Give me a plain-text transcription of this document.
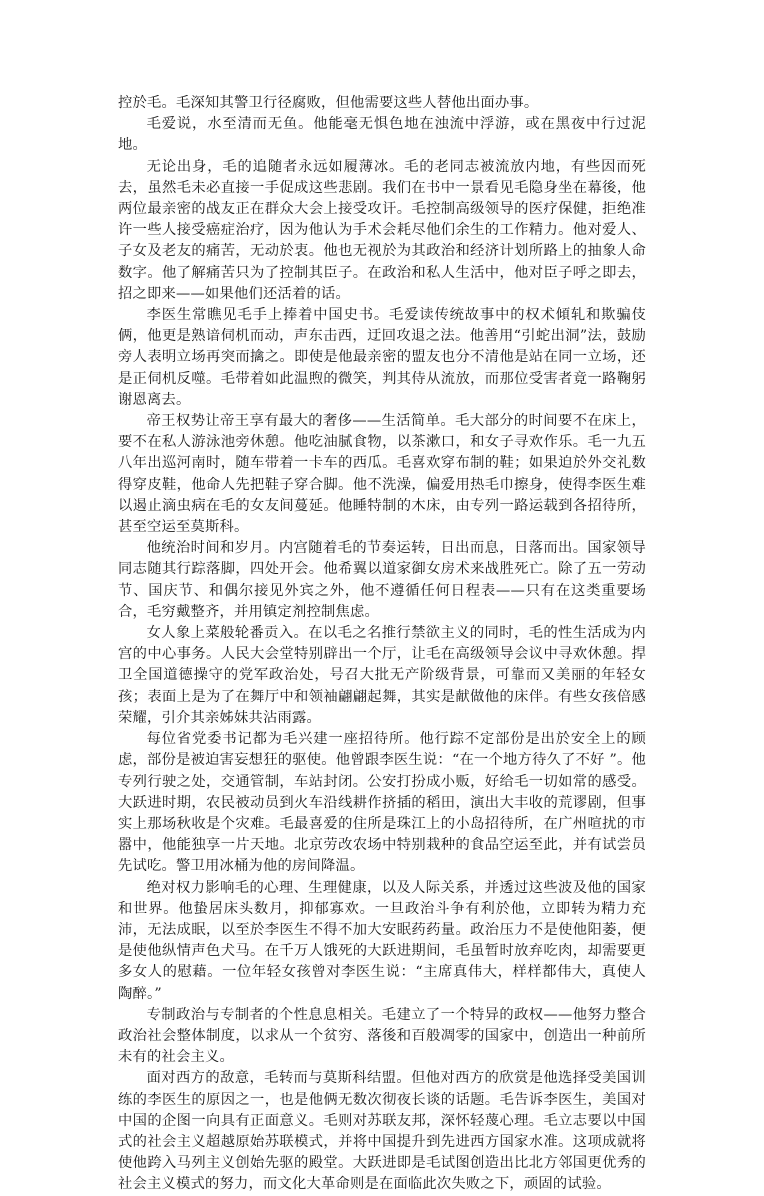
控於毛。毛深知其警卫行径腐败，但他需要这些人替他出面办事。

毛爱说，水至清而无鱼。他能毫无惧色地在浊流中浮游，或在黑夜中行过泥地。

无论出身，毛的追随者永远如履薄冰。毛的老同志被流放内地，有些因而死去，虽然毛未必直接一手促成这些悲剧。我们在书中一景看见毛隐身坐在幕後，他两位最亲密的战友正在群众大会上接受攻讦。毛控制高级领导的医疗保健，拒绝准许一些人接受癌症治疗，因为他认为手术会耗尽他们余生的工作精力。他对爱人、子女及老友的痛苦，无动於衷。他也无视於为其政治和经济计划所路上的抽象人命数字。他了解痛苦只为了控制其臣子。在政治和私人生活中，他对臣子呼之即去，招之即来——如果他们还活着的话。

李医生常瞧见毛手上捧着中国史书。毛爱读传统故事中的权术傾轧和欺骗伎俩，他更是熟谙伺机而动，声东击西，迂回攻退之法。他善用“引蛇出洞”法，鼓励旁人表明立场再突而擒之。即使是他最亲密的盟友也分不清他是站在同一立场，还是正伺机反噬。毛带着如此温煦的微笑，判其侍从流放，而那位受害者竟一路鞠躬谢恩离去。

帝王权势让帝王享有最大的奢侈——生活简单。毛大部分的时间要不在床上，要不在私人游泳池旁休憩。他吃油腻食物，以茶漱口，和女子寻欢作乐。毛一九五八年出巡河南时，随车带着一卡车的西瓜。毛喜欢穿布制的鞋；如果迫於外交礼数得穿皮鞋，他命人先把鞋子穿合脚。他不洗澡，偏爱用热毛巾擦身，使得李医生难以遏止滴虫病在毛的女友间蔓延。他睡特制的木床，由专列一路运载到各招待所，甚至空运至莫斯科。

他统治时间和岁月。内宫随着毛的节奏运转，日出而息，日落而出。国家领导同志随其行踪落脚，四处开会。他希翼以道家御女房术来战胜死亡。除了五一劳动节、国庆节、和偶尔接见外宾之外，他不遵循任何日程表——只有在这类重要场合，毛穷戴整齐，并用镇定剂控制焦虑。

女人象上菜般轮番贡入。在以毛之名推行禁欲主义的同时，毛的性生活成为内宫的中心事务。人民大会堂特别辟出一个厅，让毛在高级领导会议中寻欢休憩。捍卫全国道德操守的党军政治处，号召大批无产阶级背景，可靠而又美丽的年轻女孩；表面上是为了在舞厅中和领袖翩翩起舞，其实是献做他的床伴。有些女孩倍感荣耀，引介其亲姊妹共沾雨露。

每位省党委书记都为毛兴建一座招待所。他行踪不定部份是出於安全上的顾虑，部份是被迫害妄想狂的驱使。他曾跟李医生说：“在一个地方待久了不好 ”。他专列行驶之处，交通管制，车站封闭。公安打扮成小贩，好给毛一切如常的感受。大跃进时期，农民被动员到火车沿线耕作挤插的稻田，演出大丰收的荒谬剧，但事实上那场秋收是个灾难。毛最喜爱的住所是珠江上的小岛招待所，在广州喧扰的市嚣中，他能独享一片天地。北京劳改农场中特别栽种的食品空运至此，并有试尝员先试吃。警卫用冰桶为他的房间降温。

绝对权力影响毛的心理、生理健康，以及人际关系，并透过这些波及他的国家和世界。他蛰居床头数月，抑郁寡欢。一旦政治斗争有利於他，立即转为精力充沛，无法成眠，以至於李医生不得不加大安眠药药量。政治压力不是使他阳萎，便是使他纵情声色犬马。在千万人饿死的大跃进期间，毛虽暂时放弃吃肉，却需要更多女人的慰藉。一位年轻女孩曾对李医生说：“主席真伟大，样样都伟大，真使人陶醉。”

专制政治与专制者的个性息息相关。毛建立了一个特异的政权——他努力整合政治社会整体制度，以求从一个贫穷、落後和百般凋零的国家中，创造出一种前所未有的社会主义。

面对西方的敌意，毛转而与莫斯科结盟。但他对西方的欣赏是他选择受美国训练的李医生的原因之一，也是他俩无数次彻夜长谈的话题。毛告诉李医生，美国对中国的企图一向具有正面意义。毛则对苏联友邦，深怀轻蔑心理。毛立志要以中国式的社会主义超越原始苏联模式，并将中国提升到先进西方国家水准。这项成就将使他跨入马列主义创始先驱的殿堂。大跃进即是毛试图创造出比北方邻国更优秀的社会主义模式的努力，而文化大革命则是在面临此次失败之下，顽固的试验。
